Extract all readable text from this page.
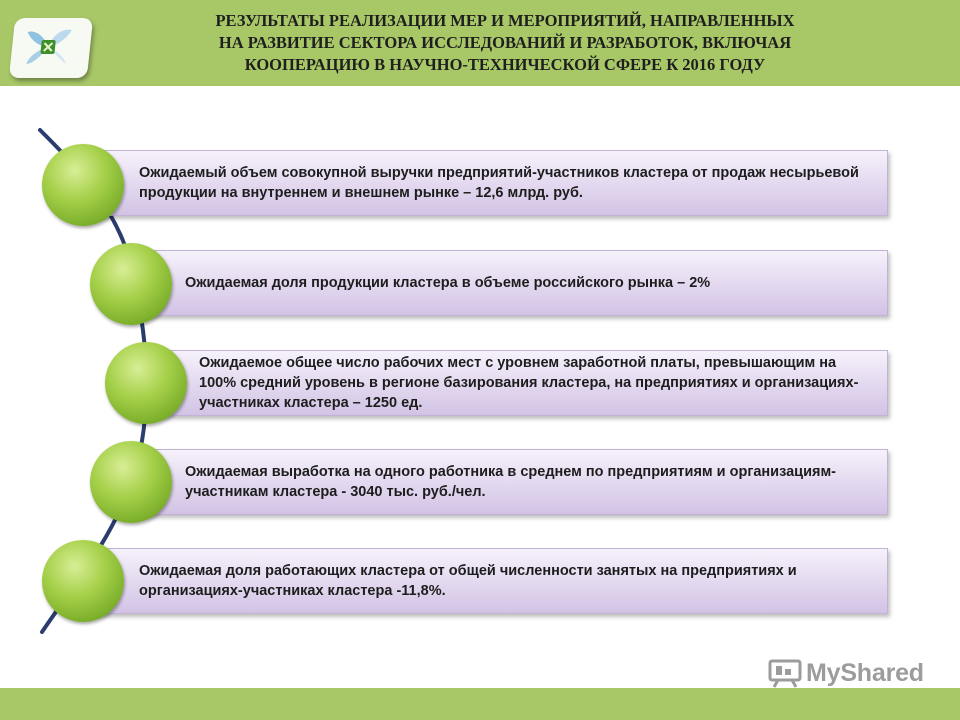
РЕЗУЛЬТАТЫ РЕАЛИЗАЦИИ МЕР И МЕРОПРИЯТИЙ, НАПРАВЛЕННЫХ
НА РАЗВИТИЕ СЕКТОРА ИССЛЕДОВАНИЙ И РАЗРАБОТОК, ВКЛЮЧАЯ
КООПЕРАЦИЮ В НАУЧНО-ТЕХНИЧЕСКОЙ СФЕРЕ К 2016 ГОДУ
Ожидаемый объем совокупной выручки предприятий-участников кластера от продаж несырьевой продукции на внутреннем и внешнем рынке – 12,6 млрд. руб.
Ожидаемая доля продукции кластера в объеме российского рынка – 2%
Ожидаемое общее число рабочих мест с уровнем заработной платы, превышающим на 100% средний уровень в регионе базирования кластера, на предприятиях и организациях-участниках кластера – 1250 ед.
Ожидаемая выработка на одного работника в среднем по предприятиям и организациям-участникам кластера - 3040 тыс. руб./чел.
Ожидаемая доля работающих кластера от общей численности занятых на предприятиях и организациях-участниках кластера -11,8%.
MyShared
